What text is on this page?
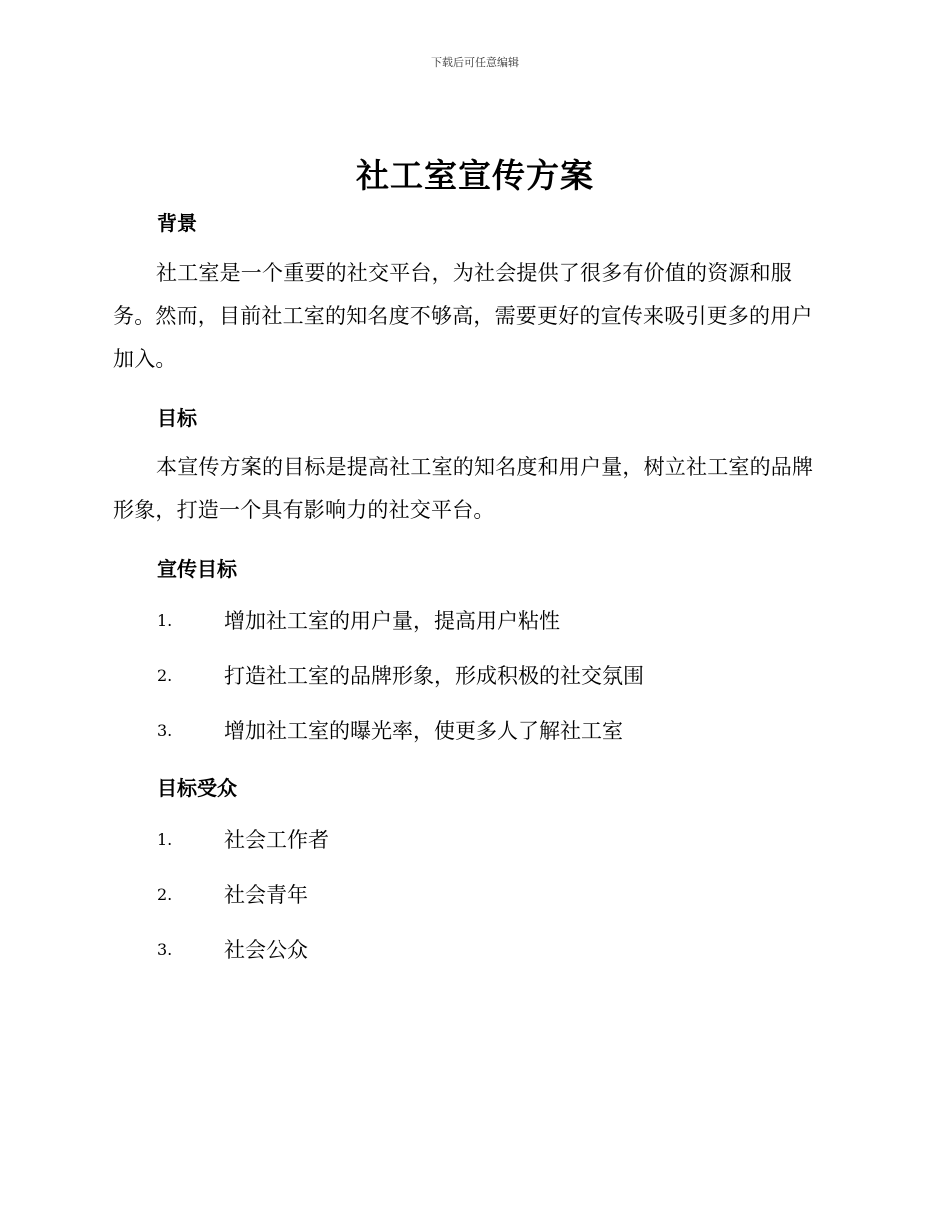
下载后可任意编辑
社工室宣传方案
背景
社工室是一个重要的社交平台，为社会提供了很多有价值的资源和服务。然而，目前社工室的知名度不够高，需要更好的宣传来吸引更多的用户加入。
目标
本宣传方案的目标是提高社工室的知名度和用户量，树立社工室的品牌形象，打造一个具有影响力的社交平台。
宣传目标
1. 增加社工室的用户量，提高用户粘性
2. 打造社工室的品牌形象，形成积极的社交氛围
3. 增加社工室的曝光率，使更多人了解社工室
目标受众
1. 社会工作者
2. 社会青年
3. 社会公众
